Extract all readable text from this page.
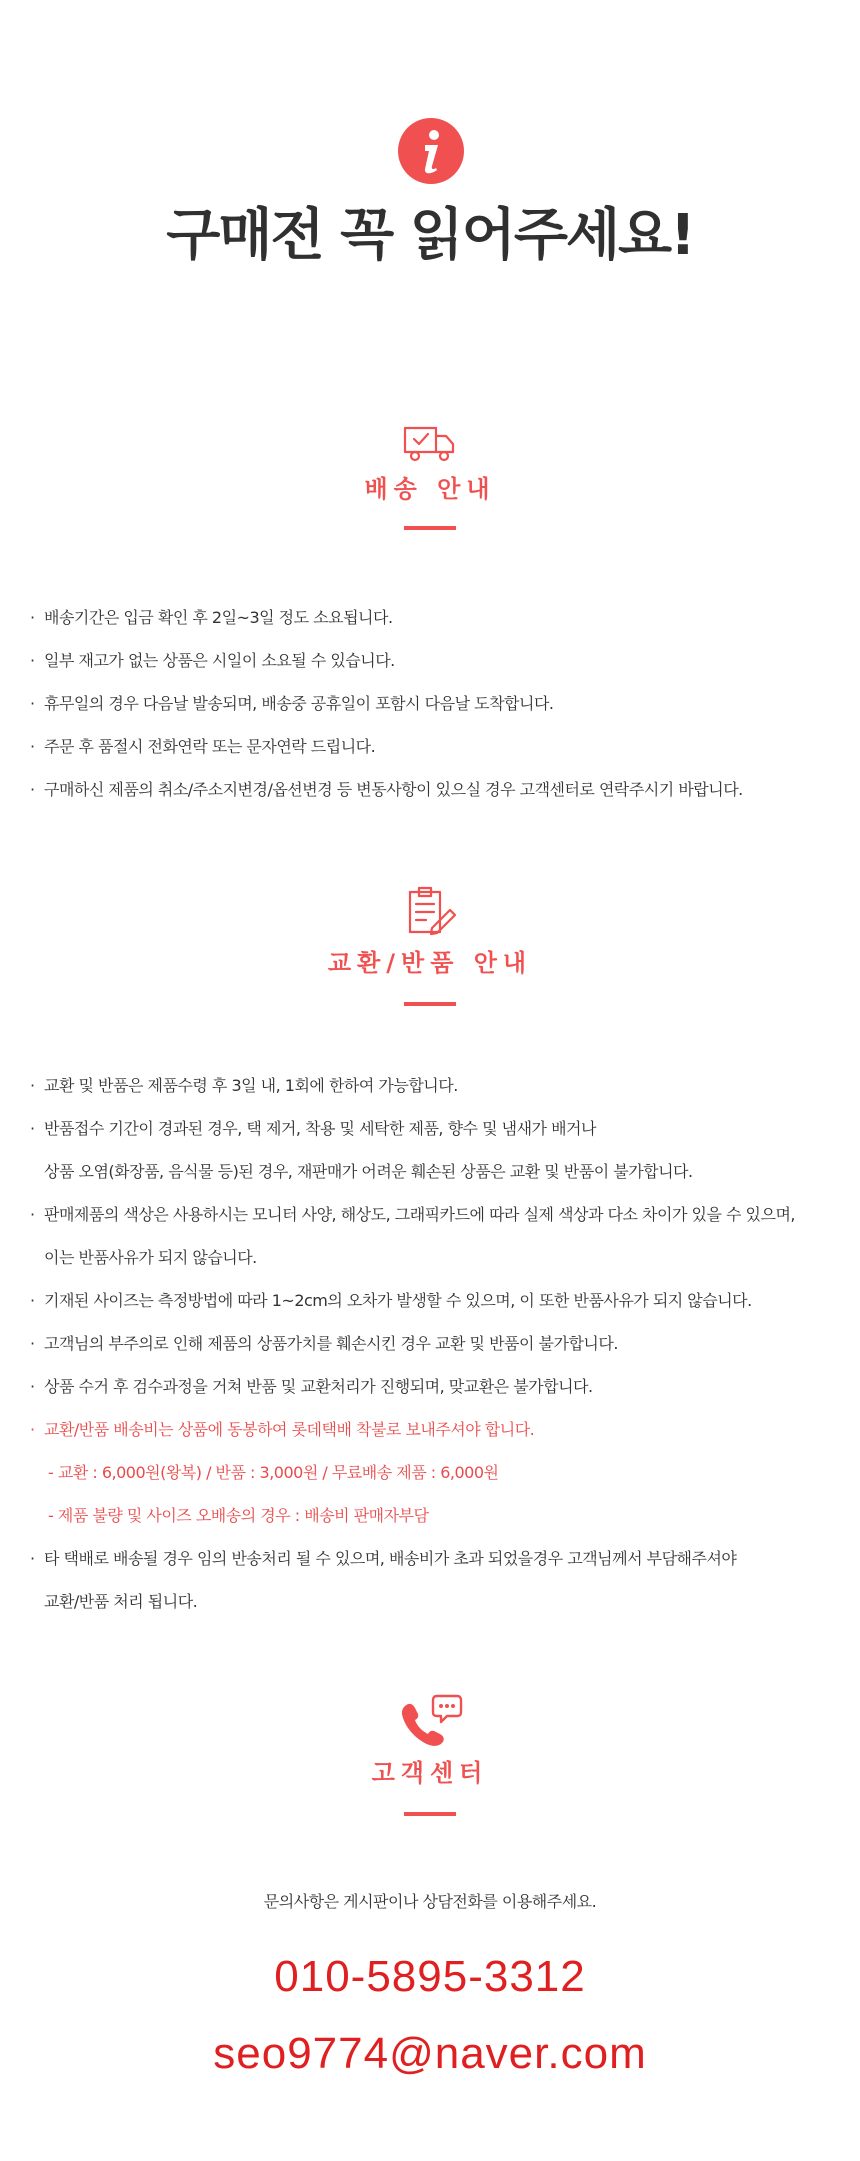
구매전 꼭 읽어주세요!
배송 안내
· 배송기간은 입금 확인 후 2일~3일 정도 소요됩니다.
· 일부 재고가 없는 상품은 시일이 소요될 수 있습니다.
· 휴무일의 경우 다음날 발송되며, 배송중 공휴일이 포함시 다음날 도착합니다.
· 주문 후 품절시 전화연락 또는 문자연락 드립니다.
· 구매하신 제품의 취소/주소지변경/옵션변경 등 변동사항이 있으실 경우 고객센터로 연락주시기 바랍니다.
교환/반품 안내
· 교환 및 반품은 제품수령 후 3일 내, 1회에 한하여 가능합니다.
· 반품접수 기간이 경과된 경우, 택 제거, 착용 및 세탁한 제품, 향수 및 냄새가 배거나
상품 오염(화장품, 음식물 등)된 경우, 재판매가 어려운 훼손된 상품은 교환 및 반품이 불가합니다.
· 판매제품의 색상은 사용하시는 모니터 사양, 해상도, 그래픽카드에 따라 실제 색상과 다소 차이가 있을 수 있으며,
이는 반품사유가 되지 않습니다.
· 기재된 사이즈는 측정방법에 따라 1~2cm의 오차가 발생할 수 있으며, 이 또한 반품사유가 되지 않습니다.
· 고객님의 부주의로 인해 제품의 상품가치를 훼손시킨 경우 교환 및 반품이 불가합니다.
· 상품 수거 후 검수과정을 거쳐 반품 및 교환처리가 진행되며, 맞교환은 불가합니다.
· 교환/반품 배송비는 상품에 동봉하여 롯데택배 착불로 보내주셔야 합니다.
- 교환 : 6,000원(왕복) / 반품 : 3,000원 / 무료배송 제품 : 6,000원
- 제품 불량 및 사이즈 오배송의 경우 : 배송비 판매자부담
· 타 택배로 배송될 경우 임의 반송처리 될 수 있으며, 배송비가 초과 되었을경우 고객님께서 부담해주셔야
교환/반품 처리 됩니다.
고객센터
문의사항은 게시판이나 상담전화를 이용해주세요.
010-5895-3312
seo9774@naver.com
